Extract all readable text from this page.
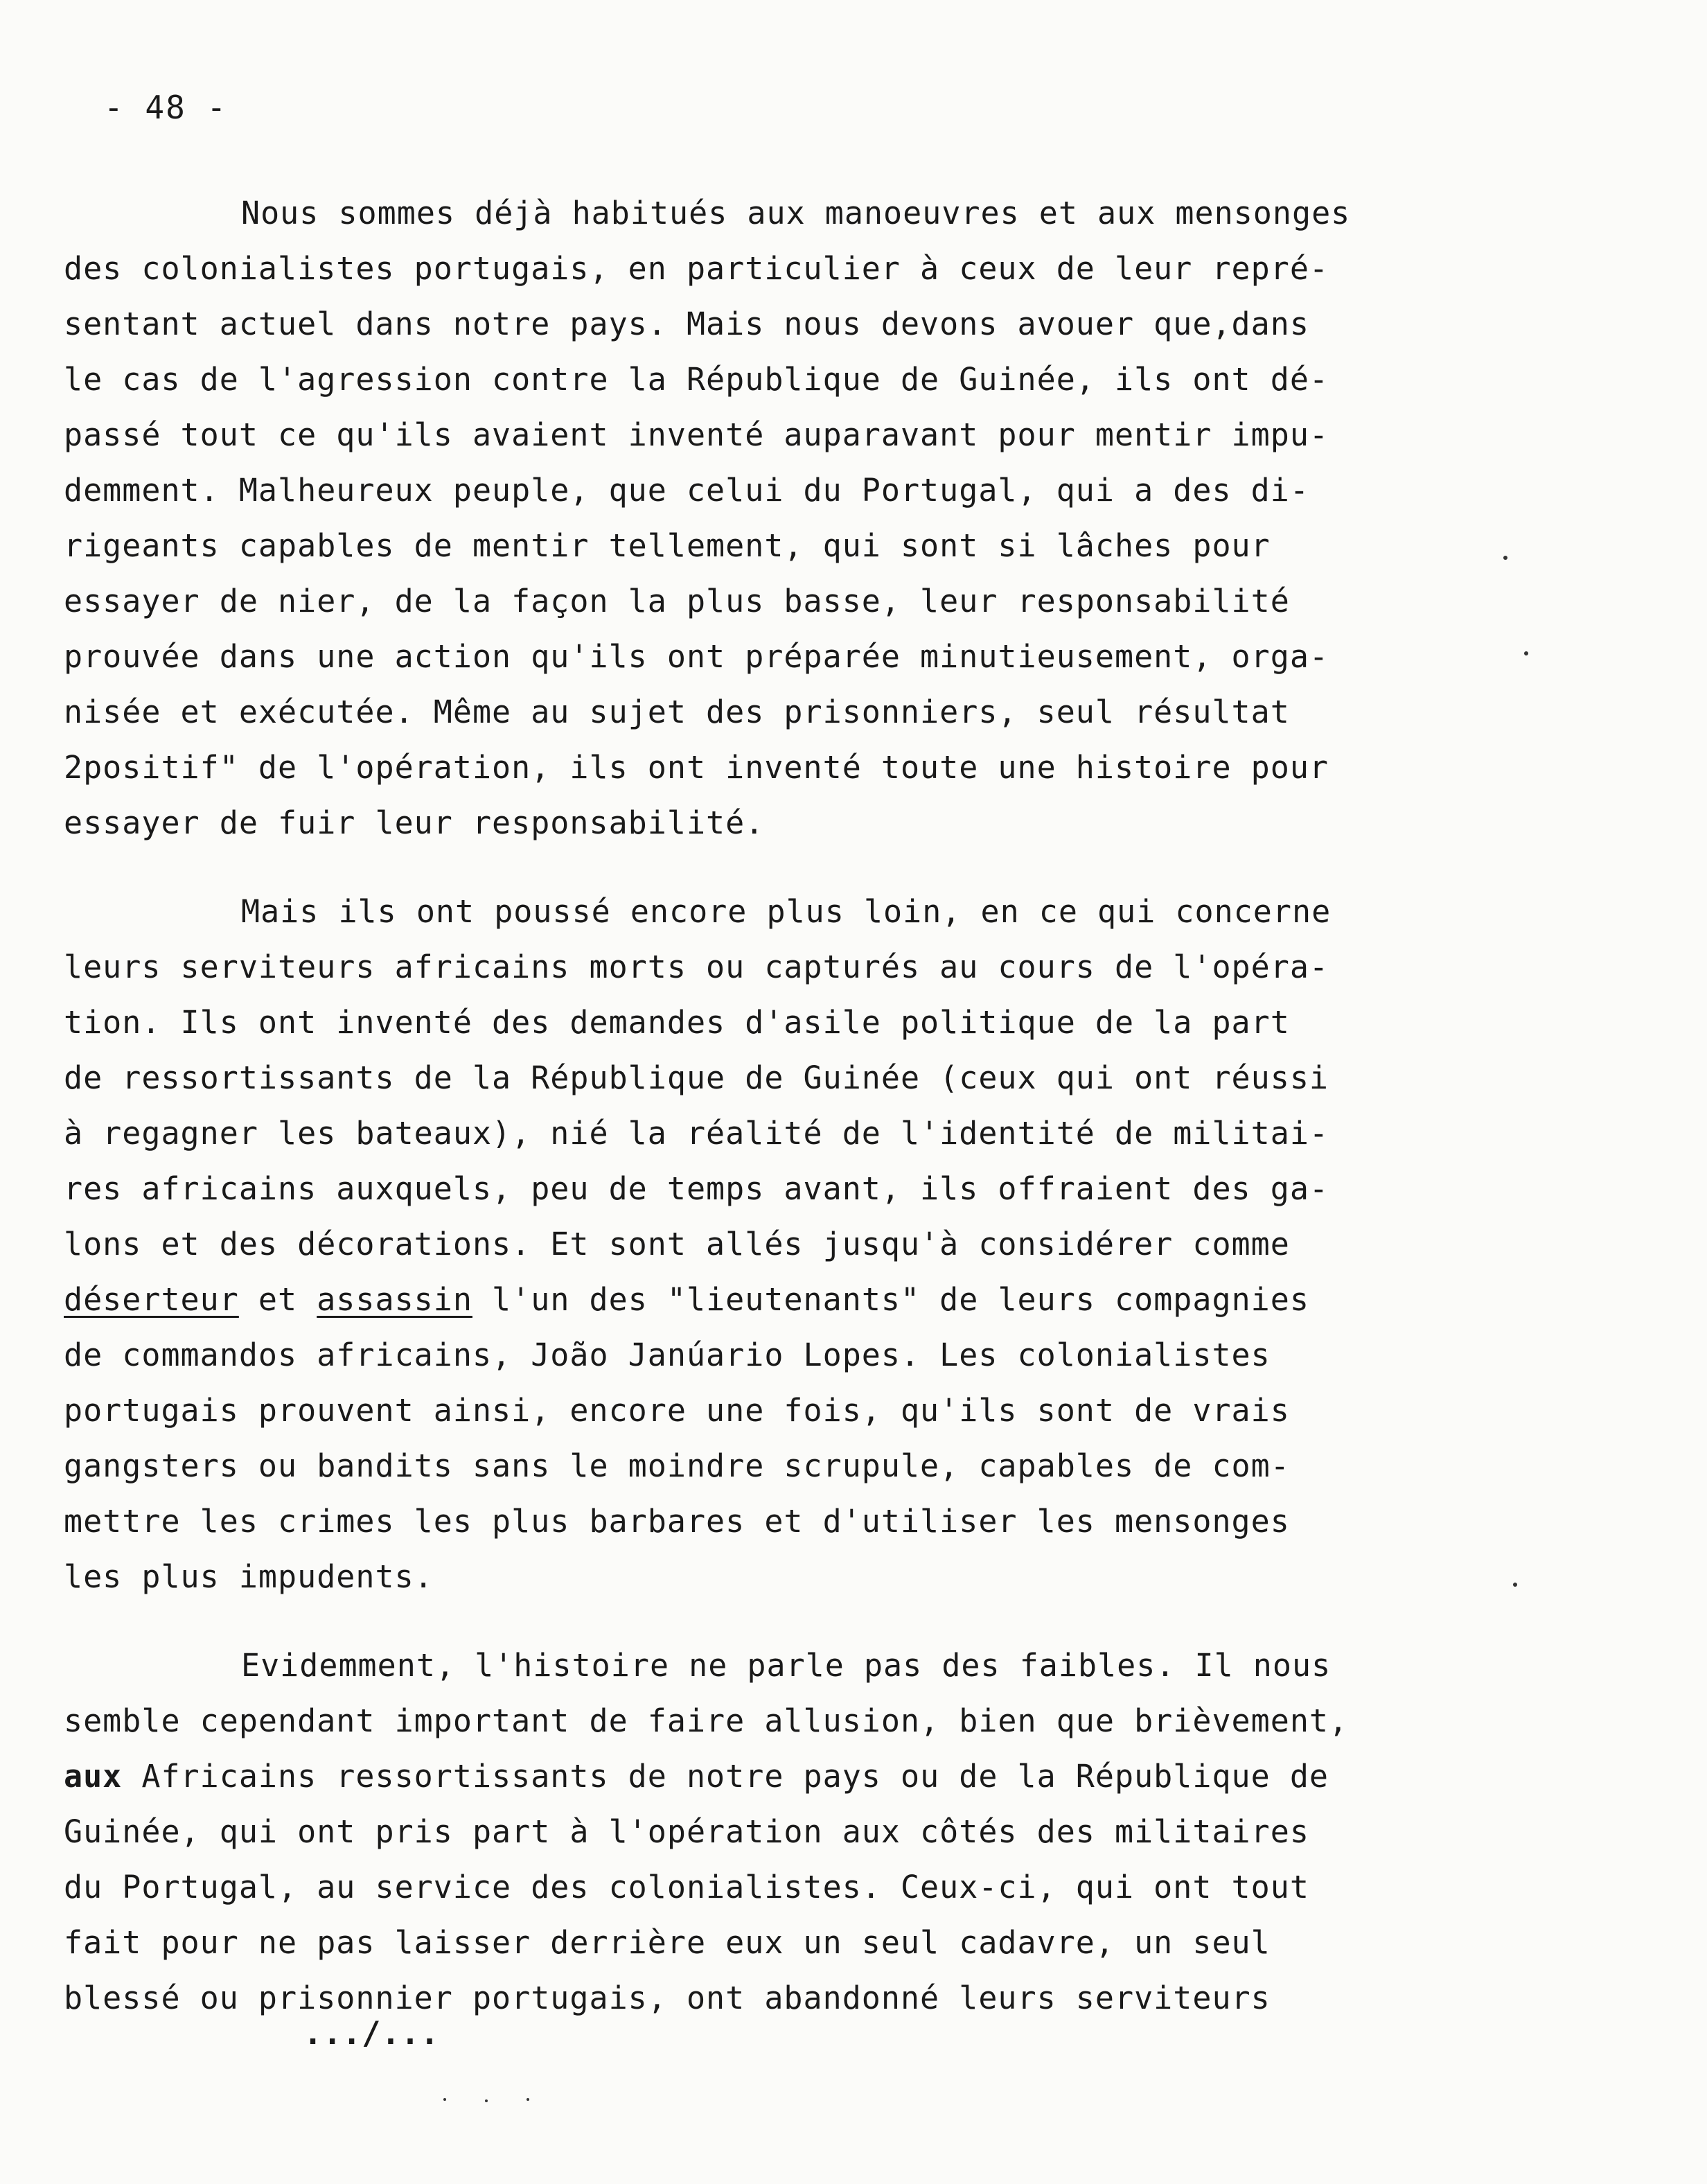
- 48 -
Nous sommes déjà habitués aux manoeuvres et aux mensonges
des colonialistes portugais, en particulier à ceux de leur repré-
sentant actuel dans notre pays. Mais nous devons avouer que,dans
le cas de l'agression contre la République de Guinée, ils ont dé-
passé tout ce qu'ils avaient inventé auparavant pour mentir impu-
demment. Malheureux peuple, que celui du Portugal, qui a des di-
rigeants capables de mentir tellement, qui sont si lâches pour
essayer de nier, de la façon la plus basse, leur responsabilité
prouvée dans une action qu'ils ont préparée minutieusement, orga-
nisée et exécutée. Même au sujet des prisonniers, seul résultat
2positif" de l'opération, ils ont inventé toute une histoire pour
essayer de fuir leur responsabilité.
Mais ils ont poussé encore plus loin, en ce qui concerne
leurs serviteurs africains morts ou capturés au cours de l'opéra-
tion. Ils ont inventé des demandes d'asile politique de la part
de ressortissants de la République de Guinée (ceux qui ont réussi
à regagner les bateaux), nié la réalité de l'identité de militai-
res africains auxquels, peu de temps avant, ils offraient des ga-
lons et des décorations. Et sont allés jusqu'à considérer comme
déserteur et assassin l'un des "lieutenants" de leurs compagnies
de commandos africains, João Janúario Lopes. Les colonialistes
portugais prouvent ainsi, encore une fois, qu'ils sont de vrais
gangsters ou bandits sans le moindre scrupule, capables de com-
mettre les crimes les plus barbares et d'utiliser les mensonges
les plus impudents.
Evidemment, l'histoire ne parle pas des faibles. Il nous
semble cependant important de faire allusion, bien que brièvement,
aux Africains ressortissants de notre pays ou de la République de
Guinée, qui ont pris part à l'opération aux côtés des militaires
du Portugal, au service des colonialistes. Ceux-ci, qui ont tout
fait pour ne pas laisser derrière eux un seul cadavre, un seul
blessé ou prisonnier portugais, ont abandonné leurs serviteurs
.../...
